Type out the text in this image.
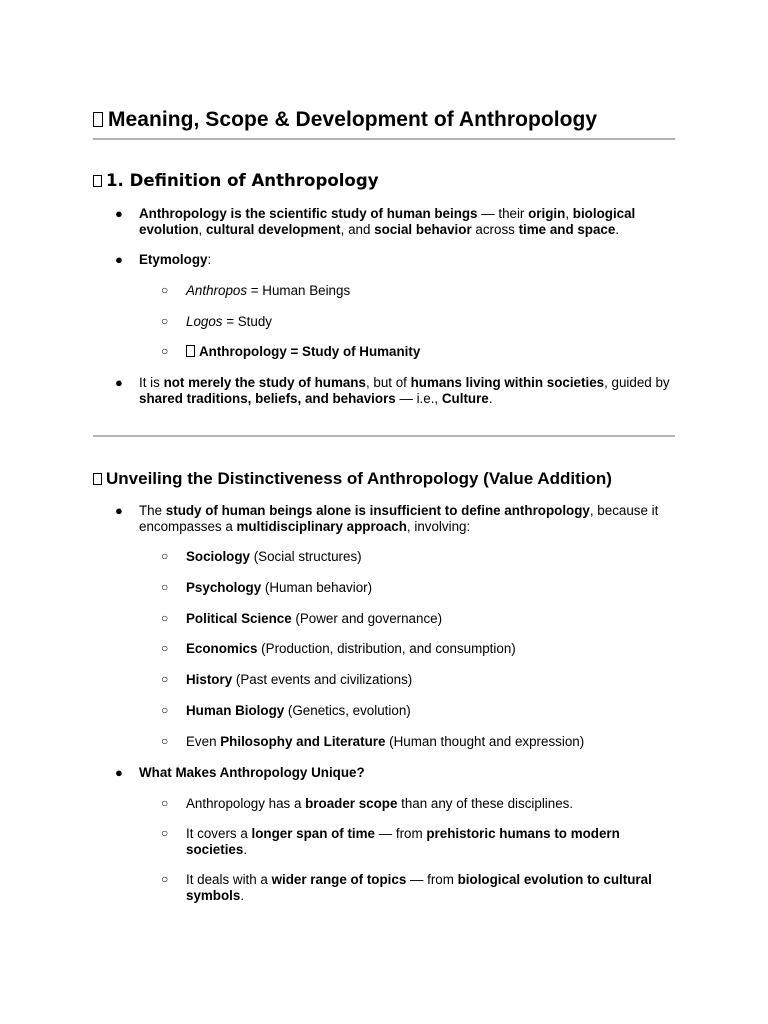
Meaning, Scope & Development of Anthropology
1. Definition of Anthropology
● Anthropology is the scientific study of human beings — their origin, biological evolution, cultural development, and social behavior across time and space.
● Etymology:
○ Anthropos = Human Beings
○ Logos = Study
○ Anthropology = Study of Humanity
● It is not merely the study of humans, but of humans living within societies, guided by shared traditions, beliefs, and behaviors — i.e., Culture.
Unveiling the Distinctiveness of Anthropology (Value Addition)
● The study of human beings alone is insufficient to define anthropology, because it encompasses a multidisciplinary approach, involving:
○ Sociology (Social structures)
○ Psychology (Human behavior)
○ Political Science (Power and governance)
○ Economics (Production, distribution, and consumption)
○ History (Past events and civilizations)
○ Human Biology (Genetics, evolution)
○ Even Philosophy and Literature (Human thought and expression)
● What Makes Anthropology Unique?
○ Anthropology has a broader scope than any of these disciplines.
○ It covers a longer span of time — from prehistoric humans to modern societies.
○ It deals with a wider range of topics — from biological evolution to cultural symbols.
